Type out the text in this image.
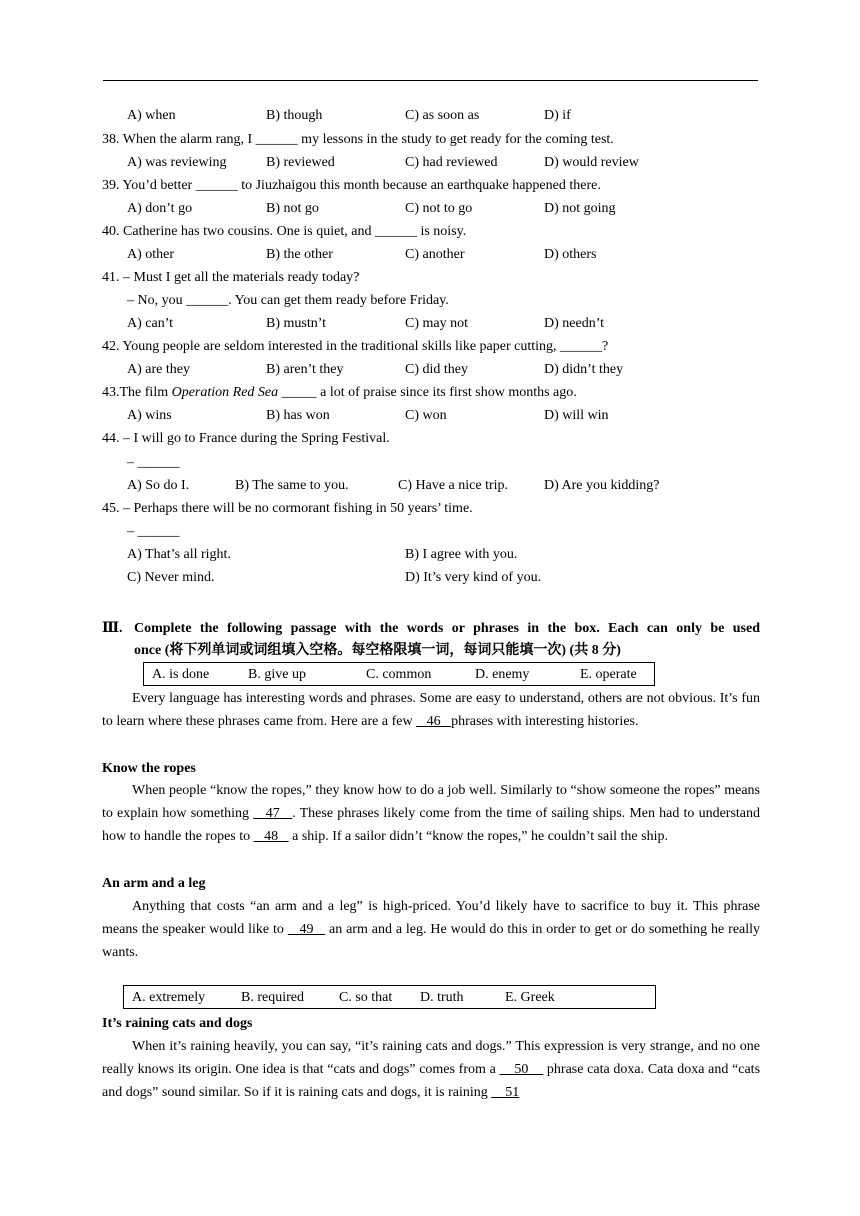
A) when	B) though	C) as soon as	D) if
38. When the alarm rang, I ______ my lessons in the study to get ready for the coming test.
A) was reviewing	B) reviewed	C) had reviewed	D) would review
39. You’d better ______ to Jiuzhaigou this month because an earthquake happened there.
A) don’t go	B) not go	C) not to go	D) not going
40. Catherine has two cousins. One is quiet, and ______ is noisy.
A) other	B) the other	C) another	D) others
41. – Must I get all the materials ready today?
– No, you ______. You can get them ready before Friday.
A) can’t	B) mustn’t	C) may not	D) needn’t
42. Young people are seldom interested in the traditional skills like paper cutting, ______?
A) are they	B) aren’t they	C) did they	D) didn’t they
43.The film Operation Red Sea _____ a lot of praise since its first show months ago.
A) wins	B) has won	C) won	D) will win
44. – I will go to France during the Spring Festival.
– ______
A) So do I.	B) The same to you.	C) Have a nice trip.	D) Are you kidding?
45. – Perhaps there will be no cormorant fishing in 50 years’ time.
– ______
A) That’s all right.	B) I agree with you.
C) Never mind.	D) It’s very kind of you.
Ⅲ. Complete the following passage with the words or phrases in the box. Each can only be used
once (将下列单词或词组填入空格。每空格限填一词，每词只能填一次) (共 8 分)
A. is done	B. give up	C. common	D. enemy	E. operate
Every language has interesting words and phrases. Some are easy to understand, others are not obvious. It’s fun to learn where these phrases came from. Here are a few    46 phrases with interesting histories.
Know the ropes
When people “know the ropes,” they know how to do a job well. Similarly to “show someone the ropes” means to explain how something    47 . These phrases likely come from the time of sailing ships. Men had to understand how to handle the ropes to    48    a ship. If a sailor didn’t “know the ropes,” he couldn’t sail the ship.
An arm and a leg
Anything that costs “an arm and a leg” is high-priced. You’d likely have to sacrifice to buy it. This phrase means the speaker would like to    49    an arm and a leg. He would do this in order to get or do something he really wants.
A. extremely	B. required	C. so that D. truth	E. Greek
It’s raining cats and dogs
When it’s raining heavily, you can say, “it’s raining cats and dogs.” This expression is very strange, and no one really knows its origin. One idea is that “cats and dogs” comes from a     50     phrase cata doxa. Cata doxa and “cats and dogs” sound similar. So if it is raining cats and dogs, it is raining     51
